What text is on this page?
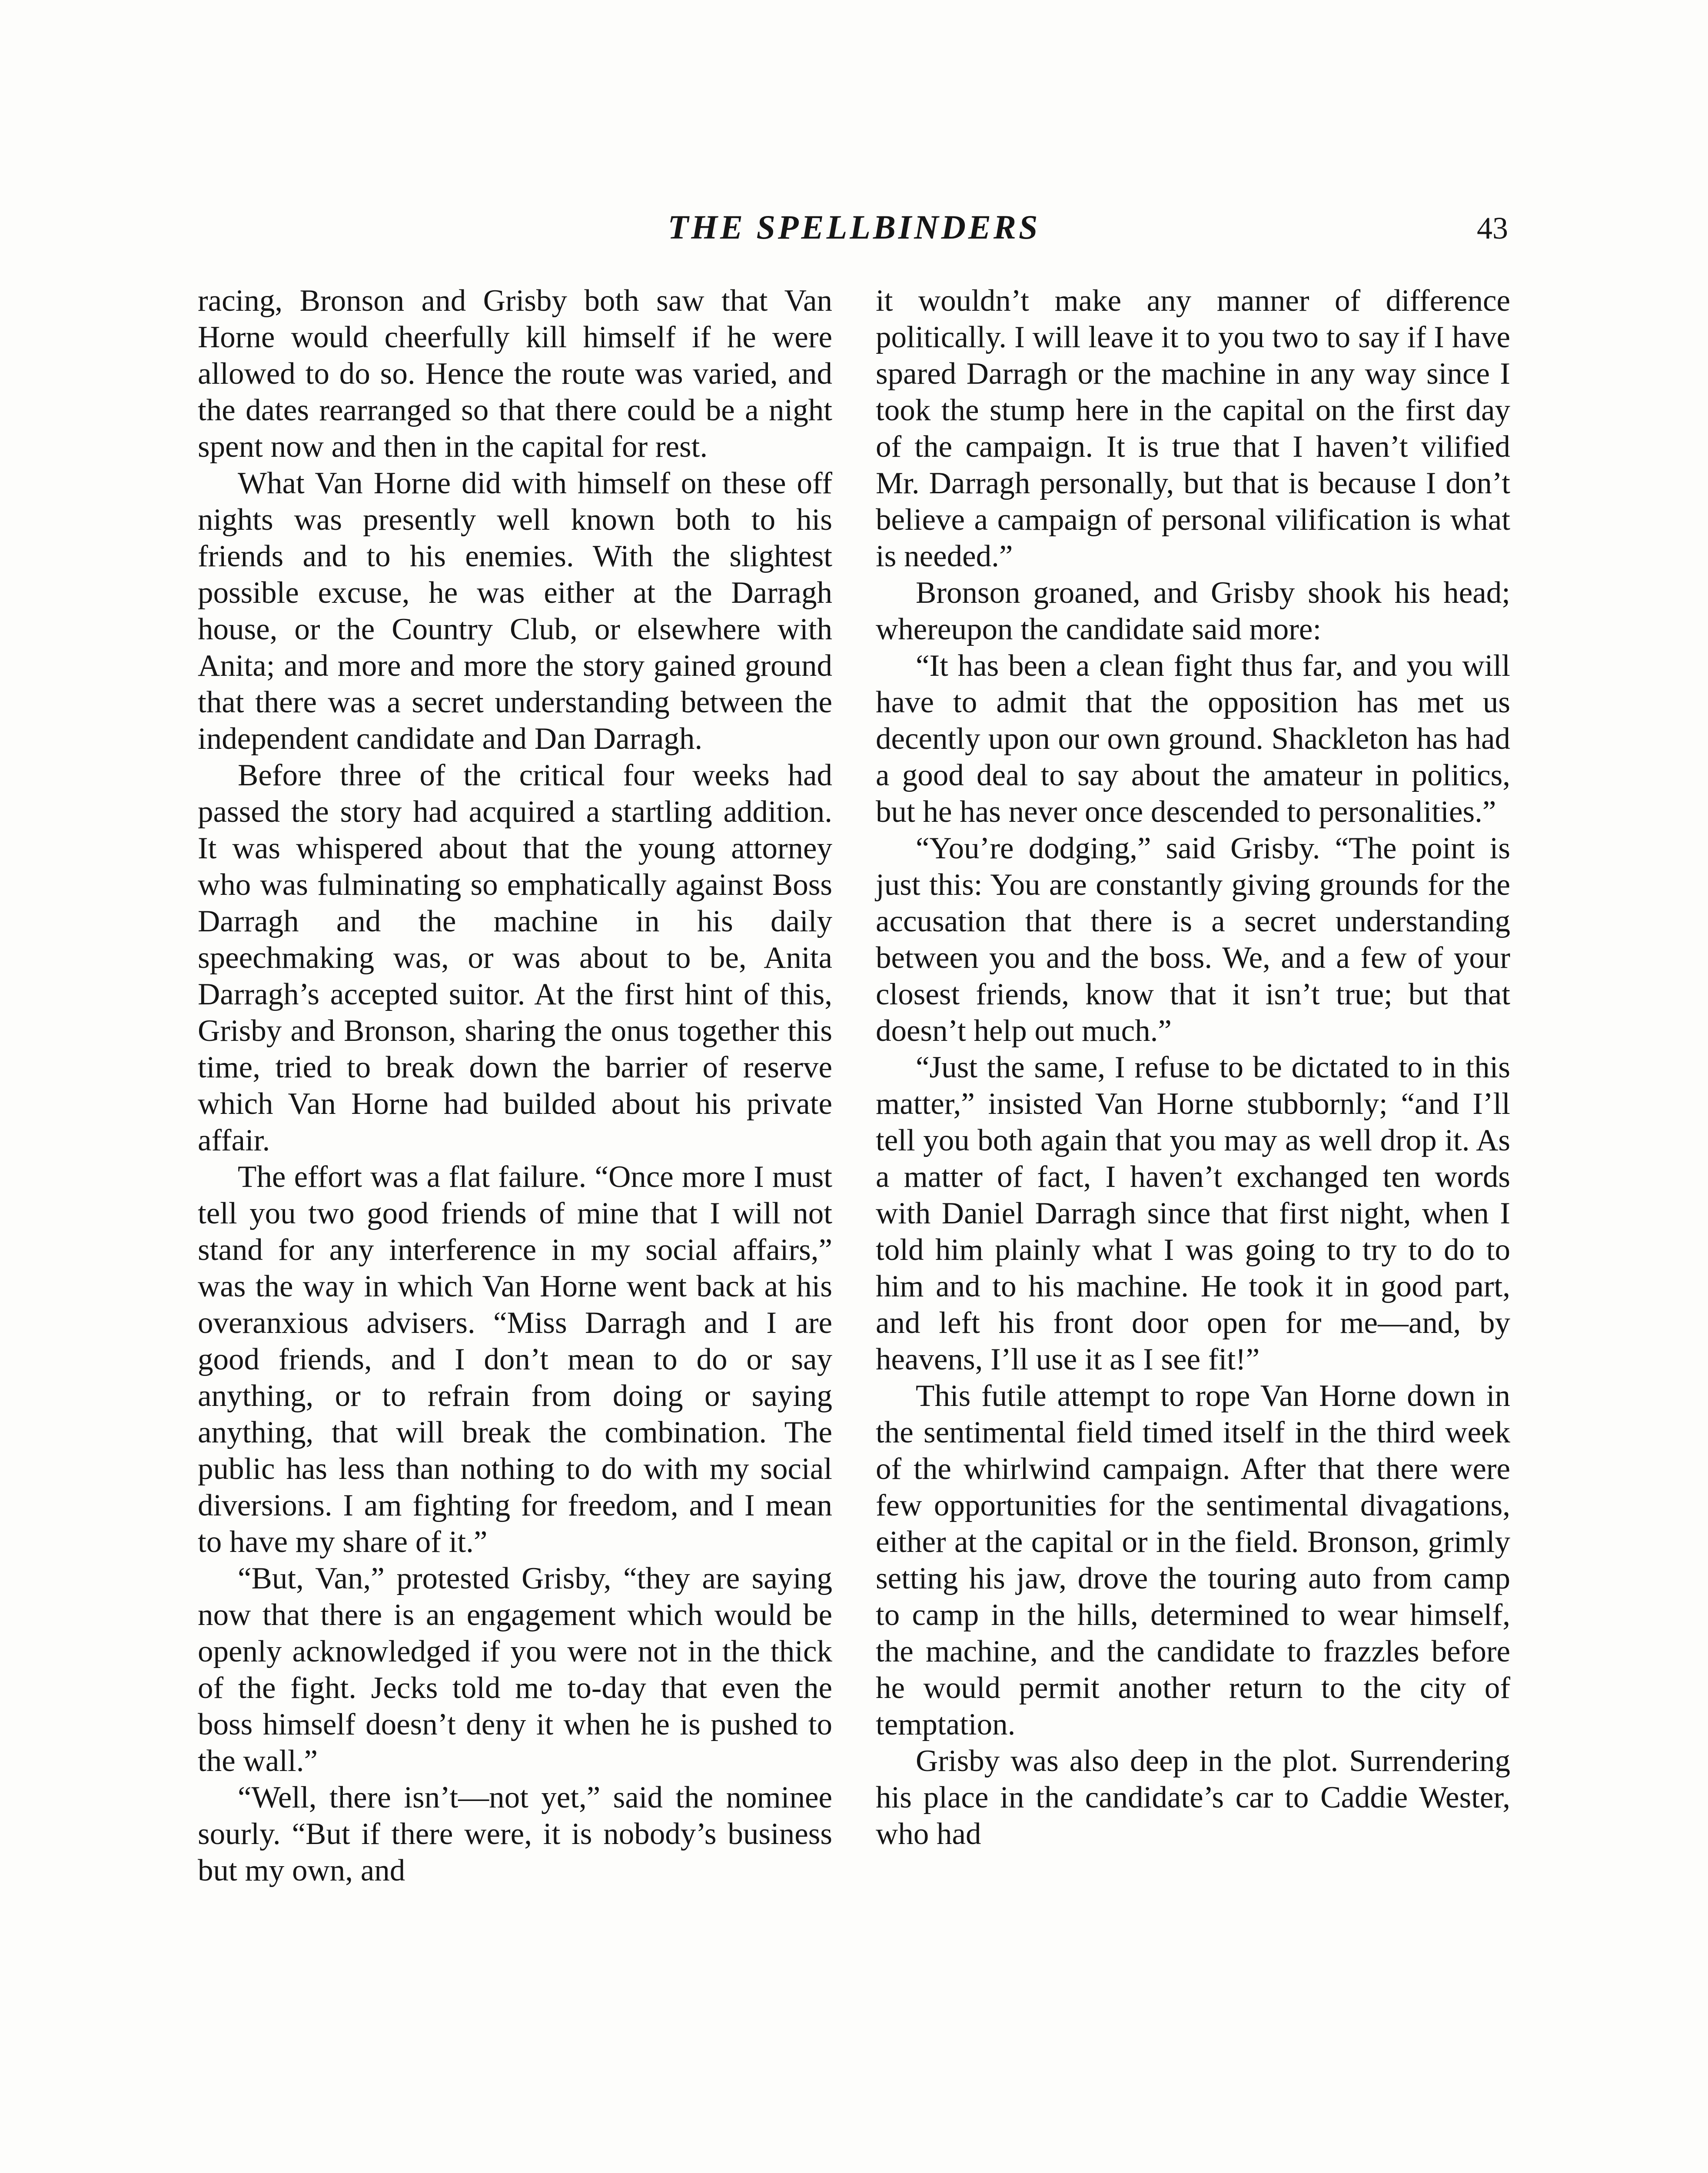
THE SPELLBINDERS	43

racing, Bronson and Grisby both saw that Van Horne would cheerfully kill himself if he were allowed to do so. Hence the route was varied, and the dates rearranged so that there could be a night spent now and then in the capital for rest.

What Van Horne did with himself on these off nights was presently well known both to his friends and to his enemies. With the slightest possible excuse, he was either at the Darragh house, or the Country Club, or elsewhere with Anita; and more and more the story gained ground that there was a secret understanding between the independent candidate and Dan Darragh.

Before three of the critical four weeks had passed the story had acquired a startling addition. It was whispered about that the young attorney who was fulminating so emphatically against Boss Darragh and the machine in his daily speechmaking was, or was about to be, Anita Darragh’s accepted suitor. At the first hint of this, Grisby and Bronson, sharing the onus together this time, tried to break down the barrier of reserve which Van Horne had builded about his private affair.

The effort was a flat failure. “Once more I must tell you two good friends of mine that I will not stand for any interference in my social affairs,” was the way in which Van Horne went back at his overanxious advisers. “Miss Darragh and I are good friends, and I don’t mean to do or say anything, or to refrain from doing or saying anything, that will break the combination. The public has less than nothing to do with my social diversions. I am fighting for freedom, and I mean to have my share of it.”

“But, Van,” protested Grisby, “they are saying now that there is an engagement which would be openly acknowledged if you were not in the thick of the fight. Jecks told me to-day that even the boss himself doesn’t deny it when he is pushed to the wall.”

“Well, there isn’t—not yet,” said the nominee sourly. “But if there were, it is nobody’s business but my own, and

it wouldn’t make any manner of difference politically. I will leave it to you two to say if I have spared Darragh or the machine in any way since I took the stump here in the capital on the first day of the campaign. It is true that I haven’t vilified Mr. Darragh personally, but that is because I don’t believe a campaign of personal vilification is what is needed.”

Bronson groaned, and Grisby shook his head; whereupon the candidate said more:

“It has been a clean fight thus far, and you will have to admit that the opposition has met us decently upon our own ground. Shackleton has had a good deal to say about the amateur in politics, but he has never once descended to personalities.”

“You’re dodging,” said Grisby. “The point is just this: You are constantly giving grounds for the accusation that there is a secret understanding between you and the boss. We, and a few of your closest friends, know that it isn’t true; but that doesn’t help out much.”

“Just the same, I refuse to be dictated to in this matter,” insisted Van Horne stubbornly; “and I’ll tell you both again that you may as well drop it. As a matter of fact, I haven’t exchanged ten words with Daniel Darragh since that first night, when I told him plainly what I was going to try to do to him and to his machine. He took it in good part, and left his front door open for me—and, by heavens, I’ll use it as I see fit!”

This futile attempt to rope Van Horne down in the sentimental field timed itself in the third week of the whirlwind campaign. After that there were few opportunities for the sentimental divagations, either at the capital or in the field. Bronson, grimly setting his jaw, drove the touring auto from camp to camp in the hills, determined to wear himself, the machine, and the candidate to frazzles before he would permit another return to the city of temptation.

Grisby was also deep in the plot. Surrendering his place in the candidate’s car to Caddie Wester, who had
